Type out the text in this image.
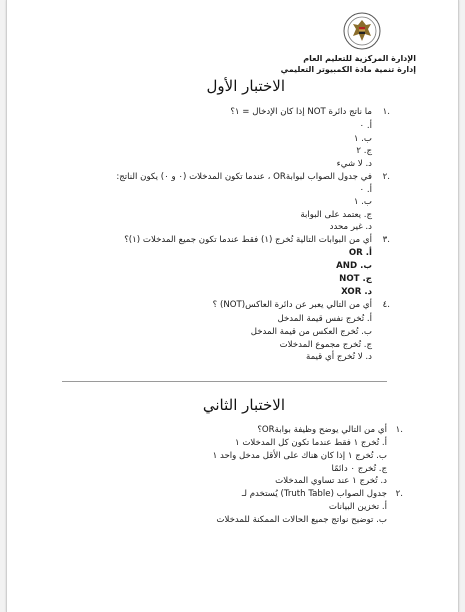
الإدارة المركزية للتعليم العام
إدارة تنمية مادة الكمبيوتر التعليمي
الاختبار الأول
.١
ما ناتج دائرة NOT إذا كان الإدخال = ١؟
أ. ٠
ب. ١
ج. ٢
د. لا شيء
.٢
في جدول الصواب لبوابةOR ، عندما تكون المدخلات (٠ و ٠) يكون الناتج:
أ. ٠
ب. ١
ج. يعتمد على البوابة
د. غير محدد
.٣
أي من البوابات التالية تُخرج (١) فقط عندما تكون جميع المدخلات (١)؟
أ. OR
ب. AND
ج. NOT
د. XOR
.٤
أي من التالي يعبر عن دائرة العاكس(NOT) ؟
أ. تُخرج نفس قيمة المدخل
ب. تُخرج العكس من قيمة المدخل
ج. تُخرج مجموع المدخلات
د. لا تُخرج أي قيمة
الاختبار الثاني
.١
أي من التالي يوضح وظيفة بوابةOR؟
أ. تُخرج ١ فقط عندما تكون كل المدخلات ١
ب. تُخرج ١ إذا كان هناك على الأقل مدخل واحد ١
ج. تُخرج ٠ دائمًا
د. تُخرج ١ عند تساوي المدخلات
.٢
جدول الصواب (Truth Table) يُستخدم لـ
أ. تخزين البيانات
ب. توضيح نواتج جميع الحالات الممكنة للمدخلات
